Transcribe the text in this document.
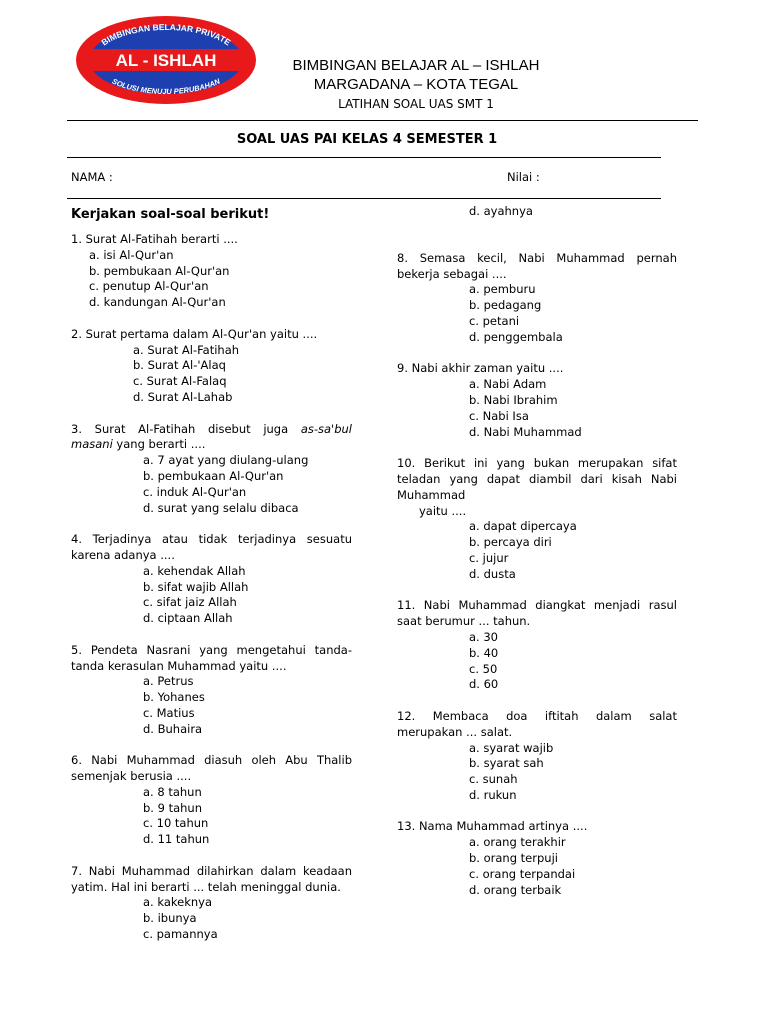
BIMBINGAN BELAJAR PRIVATE
AL - ISHLAH
SOLUSI MENUJU PERUBAHAN
BIMBINGAN BELAJAR AL – ISHLAH
MARGADANA – KOTA TEGAL
LATIHAN SOAL UAS SMT 1
SOAL UAS PAI KELAS 4 SEMESTER 1
NAMA :	Nilai :
Kerjakan soal-soal berikut!

1. Surat Al-Fatihah berarti ....

a. isi Al-Qur'an
b. pembukaan Al-Qur'an
c. penutup Al-Qur'an
d. kandungan Al-Qur'an

2. Surat pertama dalam Al-Qur'an yaitu ....

a. Surat Al-Fatihah
b. Surat Al-'Alaq
c. Surat Al-Falaq
d. Surat Al-Lahab

3. Surat Al-Fatihah disebut juga as-sa'bul masani yang berarti ....

a. 7 ayat yang diulang-ulang
b. pembukaan Al-Qur'an
c. induk Al-Qur'an
d. surat yang selalu dibaca

4. Terjadinya atau tidak terjadinya sesuatu karena adanya ....

a. kehendak Allah
b. sifat wajib Allah
c. sifat jaiz Allah
d. ciptaan Allah

5. Pendeta Nasrani yang mengetahui tanda-tanda kerasulan Muhammad yaitu ....

a. Petrus
b. Yohanes
c. Matius
d. Buhaira

6. Nabi Muhammad diasuh oleh Abu Thalib semenjak berusia ....

a. 8 tahun
b. 9 tahun
c. 10 tahun
d. 11 tahun

7. Nabi Muhammad dilahirkan dalam keadaan yatim. Hal ini berarti ... telah meninggal dunia.

a. kakeknya
b. ibunya
c. pamannya
d. ayahnya

8. Semasa kecil, Nabi Muhammad pernah bekerja sebagai ....

a. pemburu
b. pedagang
c. petani
d. penggembala

9. Nabi akhir zaman yaitu ....

a. Nabi Adam
b. Nabi Ibrahim
c. Nabi Isa
d. Nabi Muhammad

10. Berikut ini yang bukan merupakan sifat teladan yang dapat diambil dari kisah Nabi Muhammad

yaitu ....
a. dapat dipercaya
b. percaya diri
c. jujur
d. dusta

11. Nabi Muhammad diangkat menjadi rasul saat berumur ... tahun.

a. 30
b. 40
c. 50
d. 60

12. Membaca doa iftitah dalam salat merupakan ... salat.

a. syarat wajib
b. syarat sah
c. sunah
d. rukun

13. Nama Muhammad artinya ....

a. orang terakhir
b. orang terpuji
c. orang terpandai
d. orang terbaik
